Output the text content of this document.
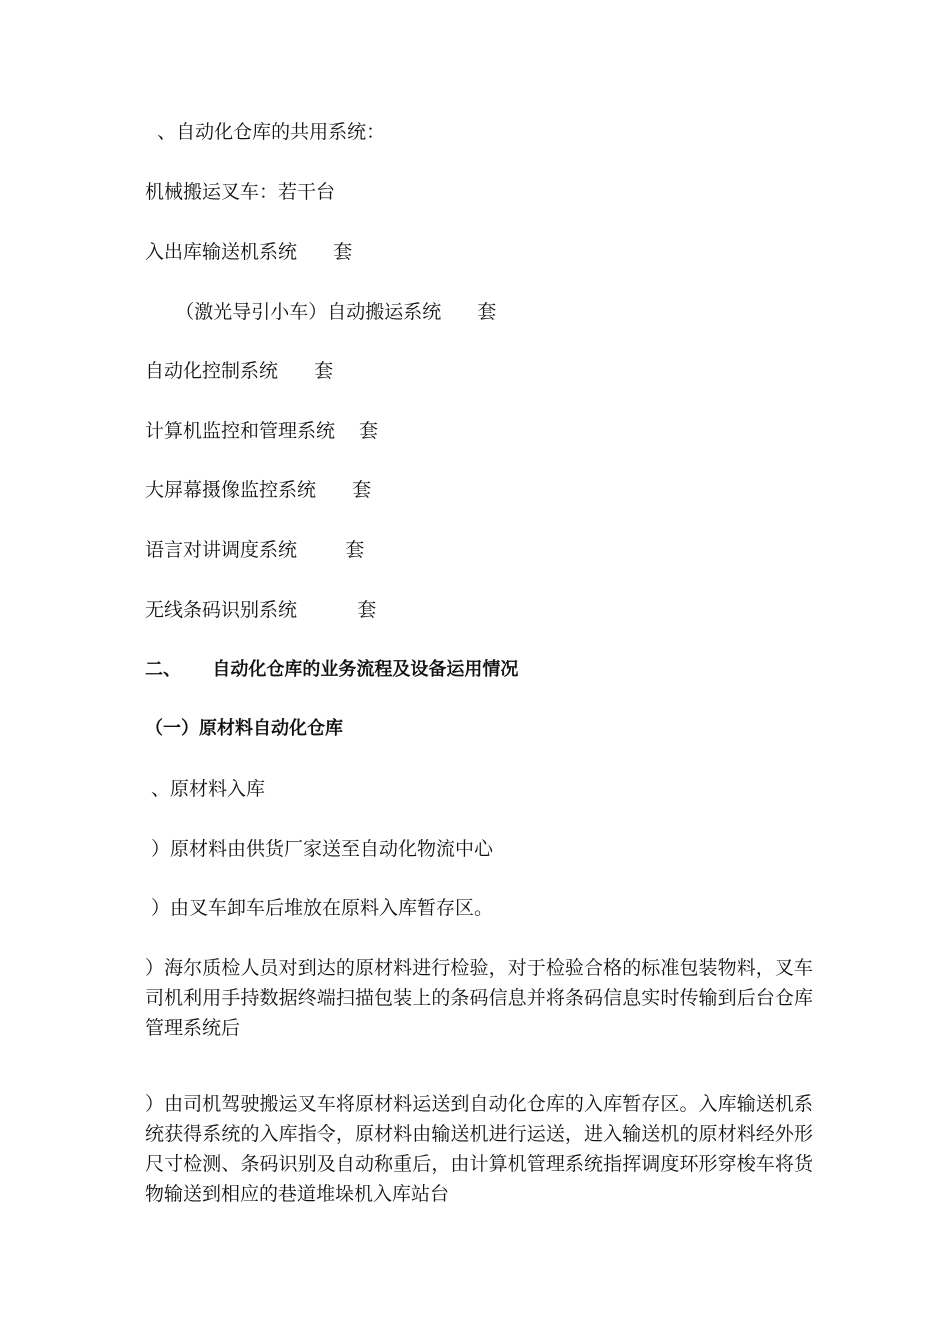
、自动化仓库的共用系统：
机械搬运叉车：若干台
入出库输送机系统      套
（激光导引小车）自动搬运系统      套
自动化控制系统      套
计算机监控和管理系统    套
大屏幕摄像监控系统      套
语言对讲调度系统        套
无线条码识别系统          套
二、     自动化仓库的业务流程及设备运用情况
（一）原材料自动化仓库
、原材料入库
）原材料由供货厂家送至自动化物流中心
）由叉车卸车后堆放在原料入库暂存区。
）海尔质检人员对到达的原材料进行检验，对于检验合格的标准包装物料，叉车司机利用手持数据终端扫描包装上的条码信息并将条码信息实时传输到后台仓库管理系统后
）由司机驾驶搬运叉车将原材料运送到自动化仓库的入库暂存区。入库输送机系统获得系统的入库指令，原材料由输送机进行运送，进入输送机的原材料经外形尺寸检测、条码识别及自动称重后，由计算机管理系统指挥调度环形穿梭车将货物输送到相应的巷道堆垛机入库站台
